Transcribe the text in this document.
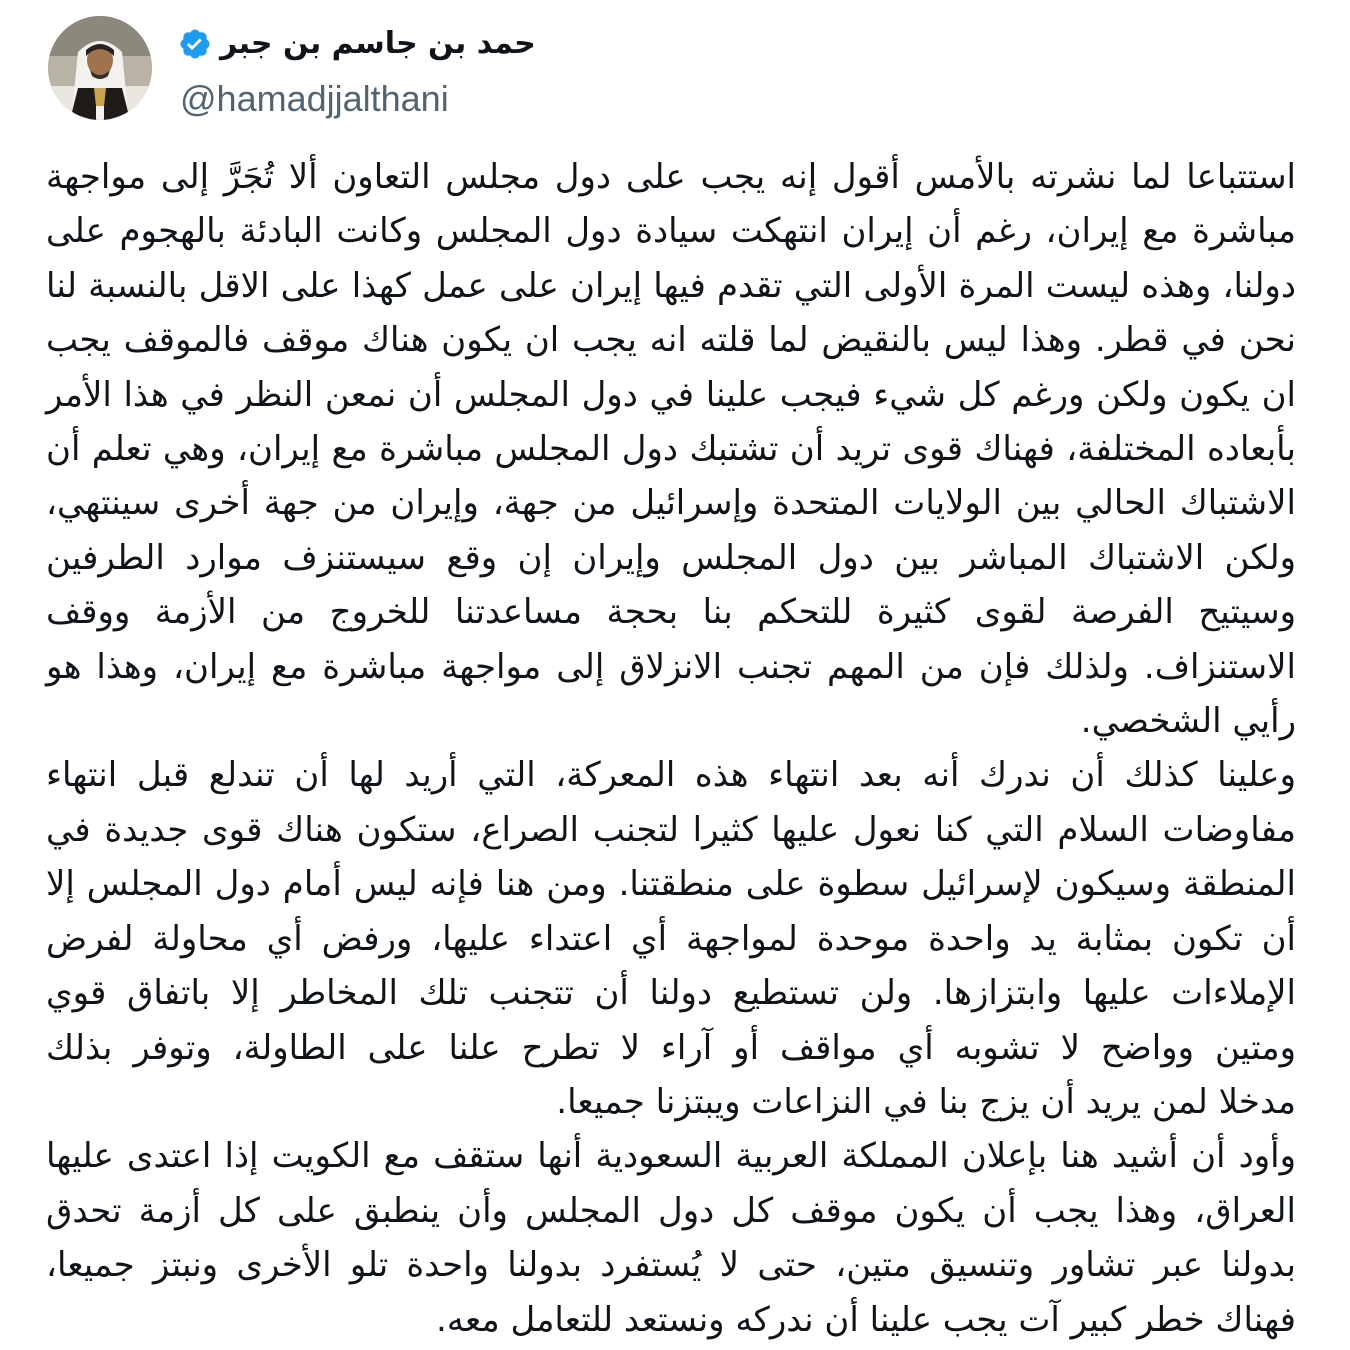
حمد بن جاسم بن جبر
@hamadjjalthani

استتباعا لما نشرته بالأمس أقول إنه يجب على دول مجلس التعاون ألا تُجَرَّ إلى مواجهة
مباشرة مع إيران، رغم أن إيران انتهكت سيادة دول المجلس وكانت البادئة بالهجوم على
دولنا، وهذه ليست المرة الأولى التي تقدم فيها إيران على عمل كهذا على الاقل بالنسبة لنا
نحن في قطر. وهذا ليس بالنقيض لما قلته انه يجب ان يكون هناك موقف فالموقف يجب
ان يكون ولكن ورغم كل شيء فيجب علينا في دول المجلس أن نمعن النظر في هذا الأمر
بأبعاده المختلفة، فهناك قوى تريد أن تشتبك دول المجلس مباشرة مع إيران، وهي تعلم أن
الاشتباك الحالي بين الولايات المتحدة وإسرائيل من جهة، وإيران من جهة أخرى سينتهي،
ولكن الاشتباك المباشر بين دول المجلس وإيران إن وقع سيستنزف موارد الطرفين
وسيتيح الفرصة لقوى كثيرة للتحكم بنا بحجة مساعدتنا للخروج من الأزمة ووقف
الاستنزاف. ولذلك فإن من المهم تجنب الانزلاق إلى مواجهة مباشرة مع إيران، وهذا هو
رأيي الشخصي.

وعلينا كذلك أن ندرك أنه بعد انتهاء هذه المعركة، التي أريد لها أن تندلع قبل انتهاء
مفاوضات السلام التي كنا نعول عليها كثيرا لتجنب الصراع، ستكون هناك قوى جديدة في
المنطقة وسيكون لإسرائيل سطوة على منطقتنا. ومن هنا فإنه ليس أمام دول المجلس إلا
أن تكون بمثابة يد واحدة موحدة لمواجهة أي اعتداء عليها، ورفض أي محاولة لفرض
الإملاءات عليها وابتزازها. ولن تستطيع دولنا أن تتجنب تلك المخاطر إلا باتفاق قوي
ومتين وواضح لا تشوبه أي مواقف أو آراء لا تطرح علنا على الطاولة، وتوفر بذلك
مدخلا لمن يريد أن يزج بنا في النزاعات ويبتزنا جميعا.

وأود أن أشيد هنا بإعلان المملكة العربية السعودية أنها ستقف مع الكويت إذا اعتدى عليها
العراق، وهذا يجب أن يكون موقف كل دول المجلس وأن ينطبق على كل أزمة تحدق
بدولنا عبر تشاور وتنسيق متين، حتى لا يُستفرد بدولنا واحدة تلو الأخرى ونبتز جميعا،
فهناك خطر كبير آت يجب علينا أن ندركه ونستعد للتعامل معه.
